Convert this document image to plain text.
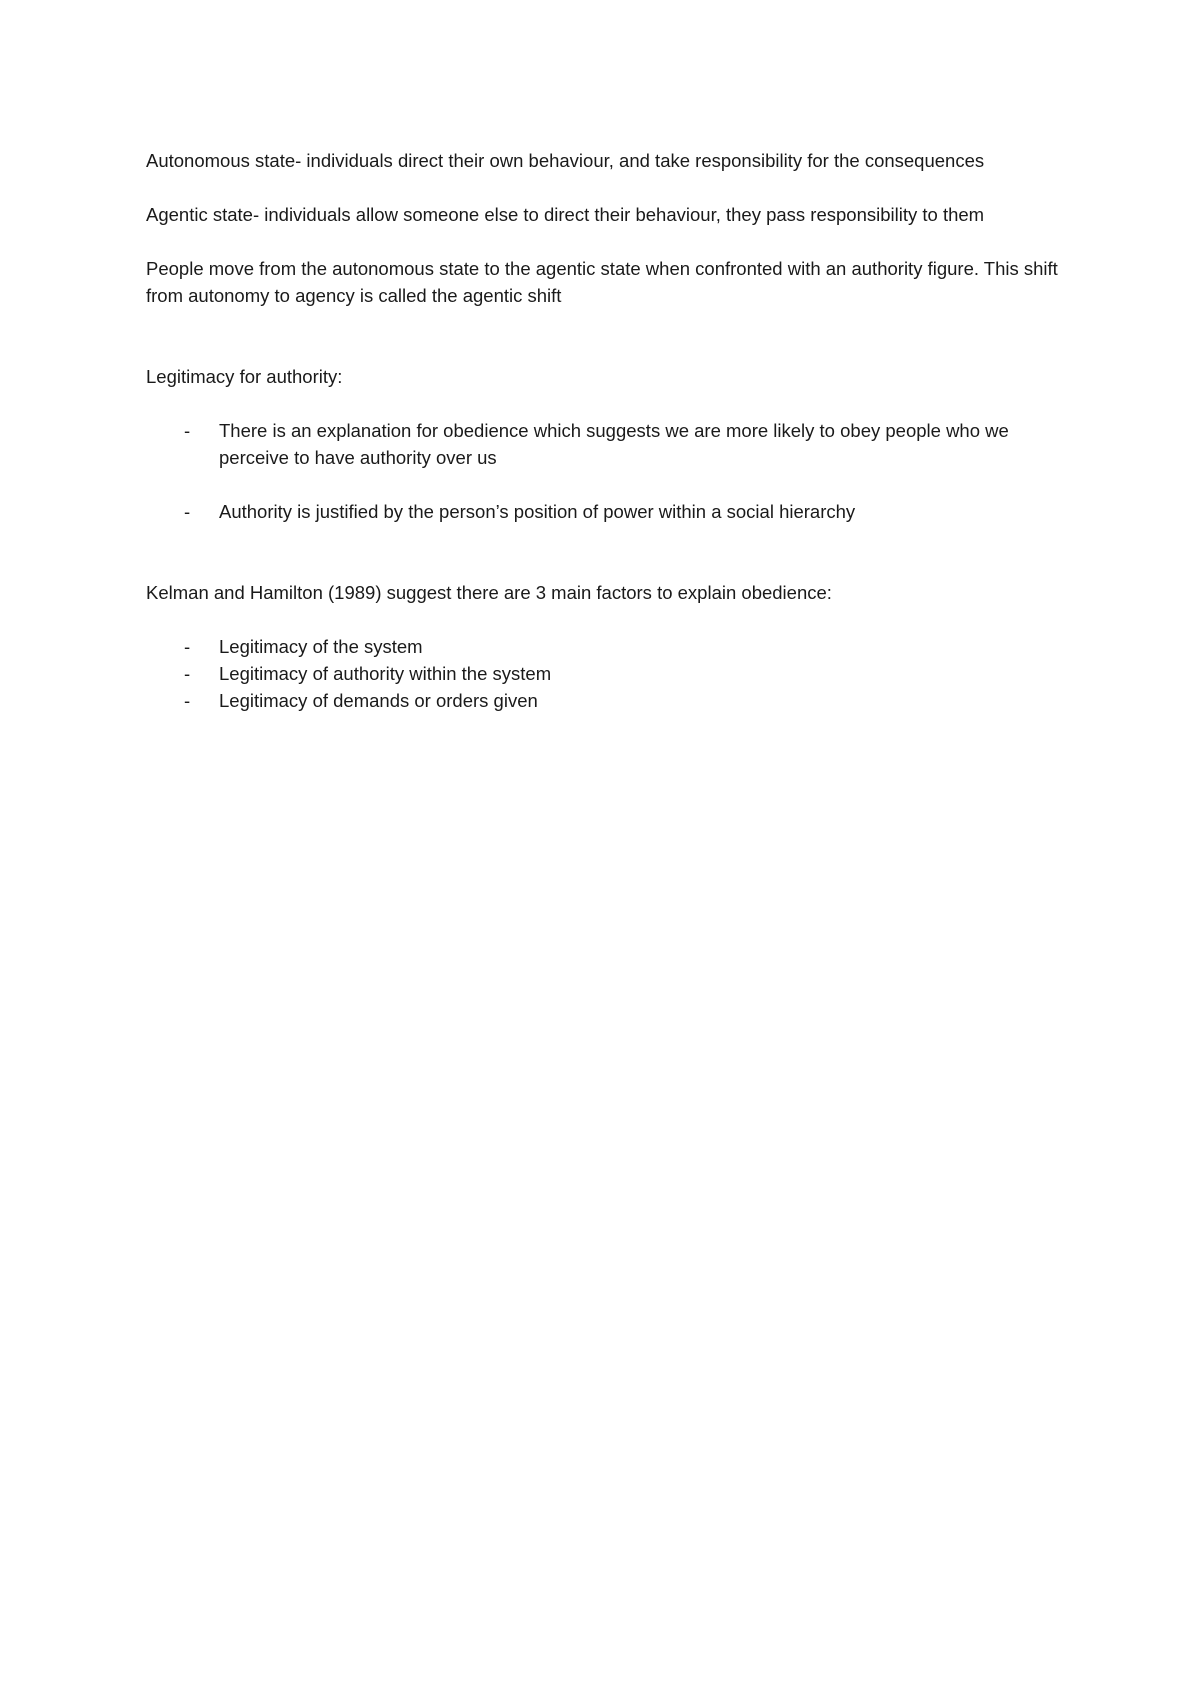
Autonomous state- individuals direct their own behaviour, and take responsibility for the consequences

Agentic state- individuals allow someone else to direct their behaviour, they pass responsibility to them

People move from the autonomous state to the agentic state when confronted with an authority figure. This shift from autonomy to agency is called the agentic shift

Legitimacy for authority:

- There is an explanation for obedience which suggests we are more likely to obey people who we perceive to have authority over us
- Authority is justified by the person’s position of power within a social hierarchy

Kelman and Hamilton (1989) suggest there are 3 main factors to explain obedience:

- Legitimacy of the system
- Legitimacy of authority within the system
- Legitimacy of demands or orders given
